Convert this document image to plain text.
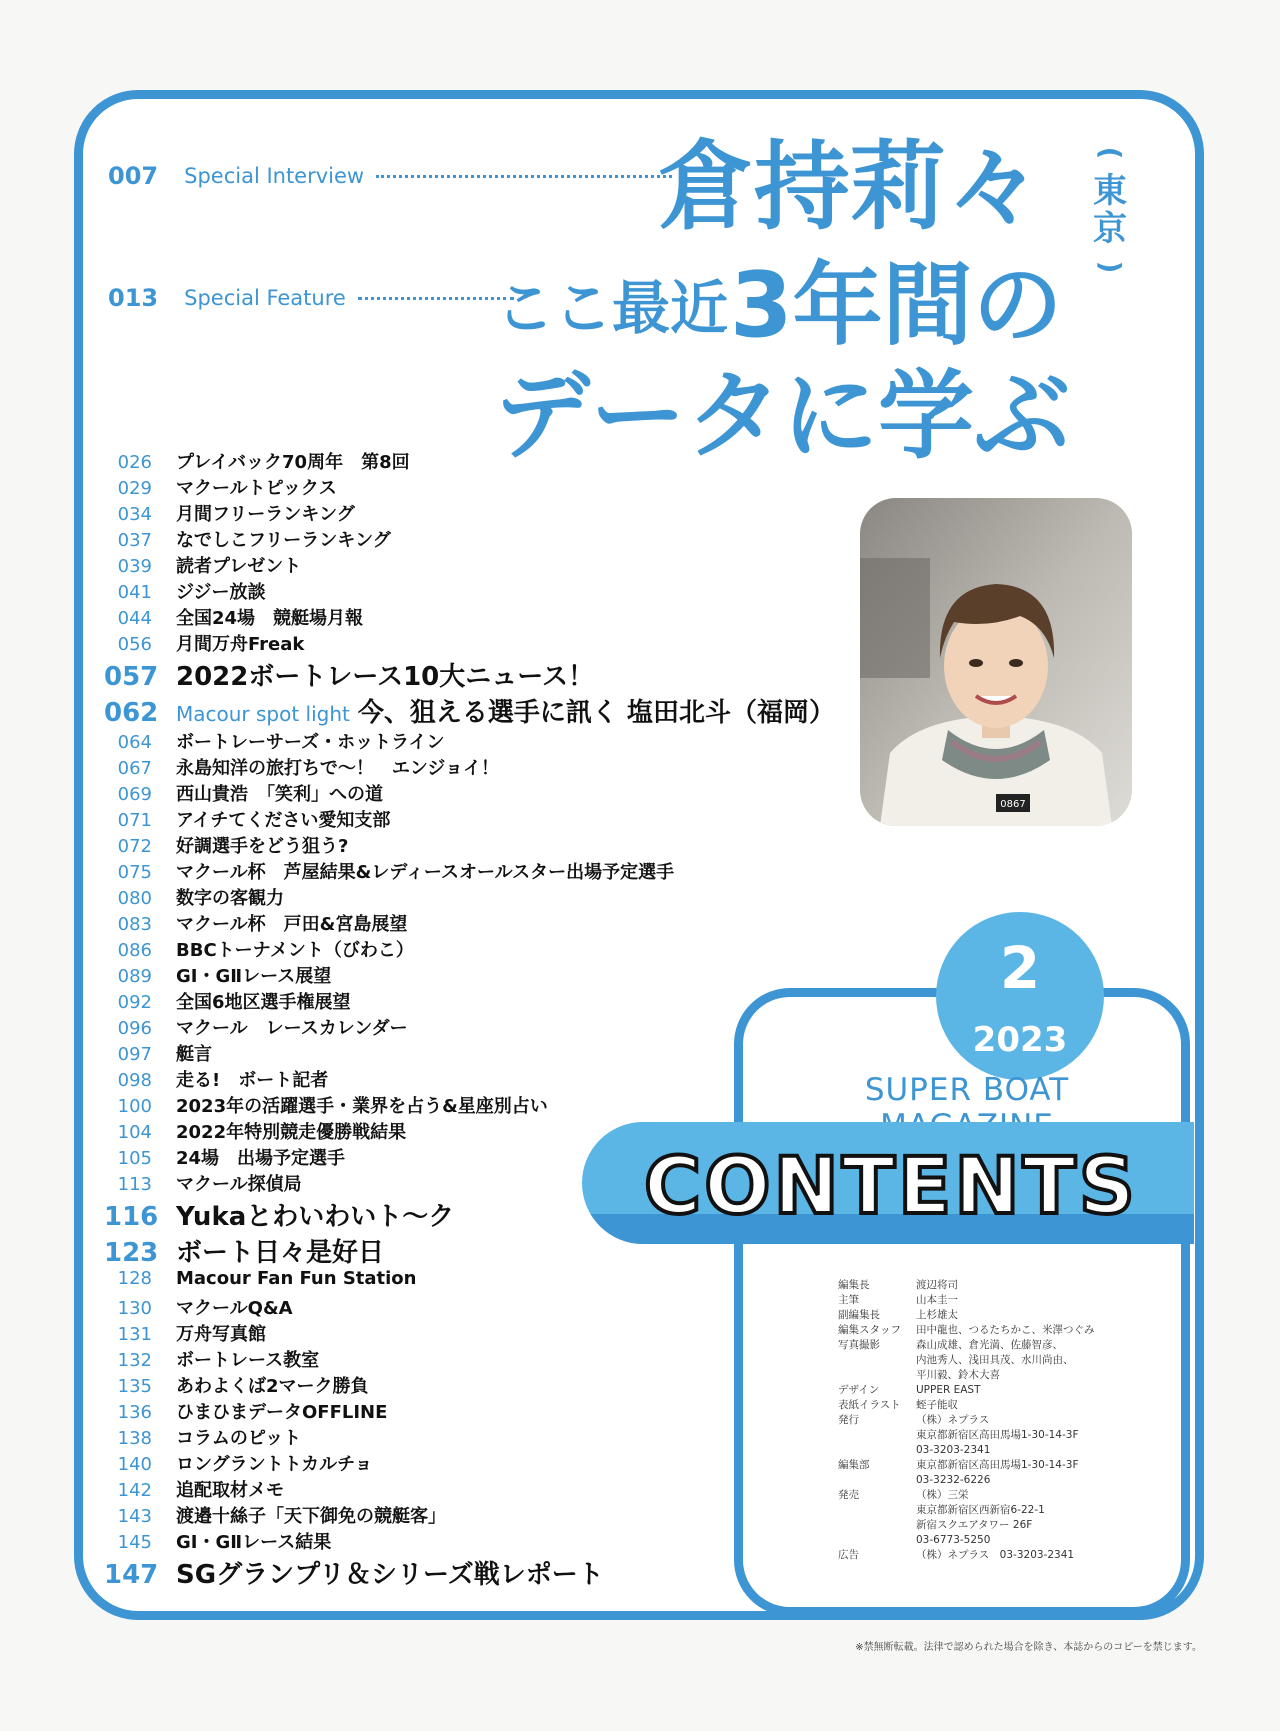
007 Special Interview	倉持莉々 (
東
京
)
013 Special Feature	ここ最近 3年間の
データに学ぶ
026	プレイバック70周年　第8回
029	マクールトピックス
034	月間フリーランキング
037	なでしこフリーランキング
039	読者プレゼント
041	ジジー放談
044	全国24場　競艇場月報
056	月間万舟Freak
057 2022ボートレース10大ニュース！
062 Macour spot light 今、狙える選手に訊く 塩田北斗（福岡）
064	ボートレーサーズ・ホットライン
067	永島知洋の旅打ちで～！　エンジョイ！
069	西山貴浩　「笑利」への道
071	アイチてください愛知支部
072	好調選手をどう狙う?
075	マクール杯　芦屋結果&レディースオールスター出場予定選手
080	数字の客観力
083	マクール杯　戸田&宮島展望
086	BBCトーナメント（びわこ）
089	GⅠ・GⅡレース展望
092	全国6地区選手権展望
096	マクール　レースカレンダー
097	艇言
098	走る!　ボート記者
100	2023年の活躍選手・業界を占う&星座別占い
104	2022年特別競走優勝戦結果
105	24場　出場予定選手
113	マクール探偵局
116 Yukaとわいわいト～ク
123 ボート日々是好日
128	Macour Fan Fun Station
130	マクールQ&A
131	万舟写真館
132	ボートレース教室
135	あわよくば2マーク勝負
136	ひまひまデータOFFLINE
138	コラムのピット
140	ロングラントトカルチョ
142	追配取材メモ
143	渡邉十絲子「天下御免の競艇客」
145	GⅠ・GⅡレース結果
147 SGグランプリ＆シリーズ戦レポート
0867
2
2023
SUPER BOAT
CONTENTS
編集長	渡辺将司
主筆	山本圭一
副編集長	上杉雄太
編集スタッフ	田中龍也、つるたちかこ、米澤つぐみ
写真撮影	森山成雄、倉光満、佐藤智彦、
内池秀人、浅田具茂、水川尚由、
平川毅、鈴木大喜
デザイン	UPPER EAST
表紙イラスト	蛭子能収
発行	（株）ネプラス
東京都新宿区高田馬場1-30-14-3F
03-3203-2341
編集部	東京都新宿区高田馬場1-30-14-3F
03-3232-6226
発売	（株）三栄
東京都新宿区西新宿6-22-1
新宿スクエアタワー 26F
03-6773-5250
広告	（株）ネプラス　03-3203-2341
※禁無断転載。法律で認められた場合を除き、本誌からのコピーを禁じます。
